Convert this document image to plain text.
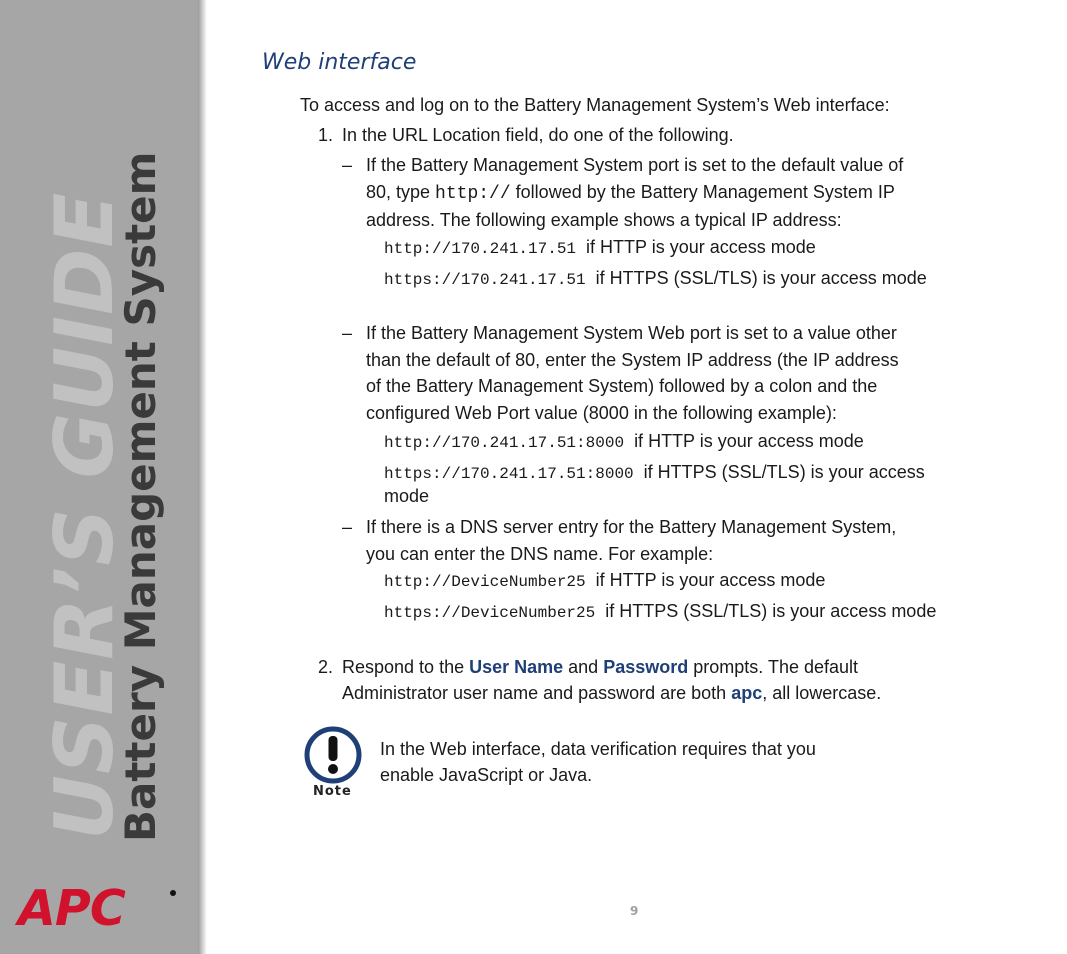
USER’S GUIDE
Battery Management System
APC
Web interface
To access and log on to the Battery Management System’s Web interface:
1. In the URL Location field, do one of the following.
– If the Battery Management System port is set to the default value of
80, type http:// followed by the Battery Management System IP
address. The following example shows a typical IP address:
http://170.241.17.51 if HTTP is your access mode
https://170.241.17.51 if HTTPS (SSL/TLS) is your access mode
– If the Battery Management System Web port is set to a value other
than the default of 80, enter the System IP address (the IP address
of the Battery Management System) followed by a colon and the
configured Web Port value (8000 in the following example):
http://170.241.17.51:8000 if HTTP is your access mode
https://170.241.17.51:8000 if HTTPS (SSL/TLS) is your access mode
– If there is a DNS server entry for the Battery Management System,
you can enter the DNS name. For example:
http://DeviceNumber25 if HTTP is your access mode
https://DeviceNumber25 if HTTPS (SSL/TLS) is your access mode
2. Respond to the User Name and Password prompts. The default
Administrator user name and password are both apc, all lowercase.
Note
In the Web interface, data verification requires that you
enable JavaScript or Java.
9
